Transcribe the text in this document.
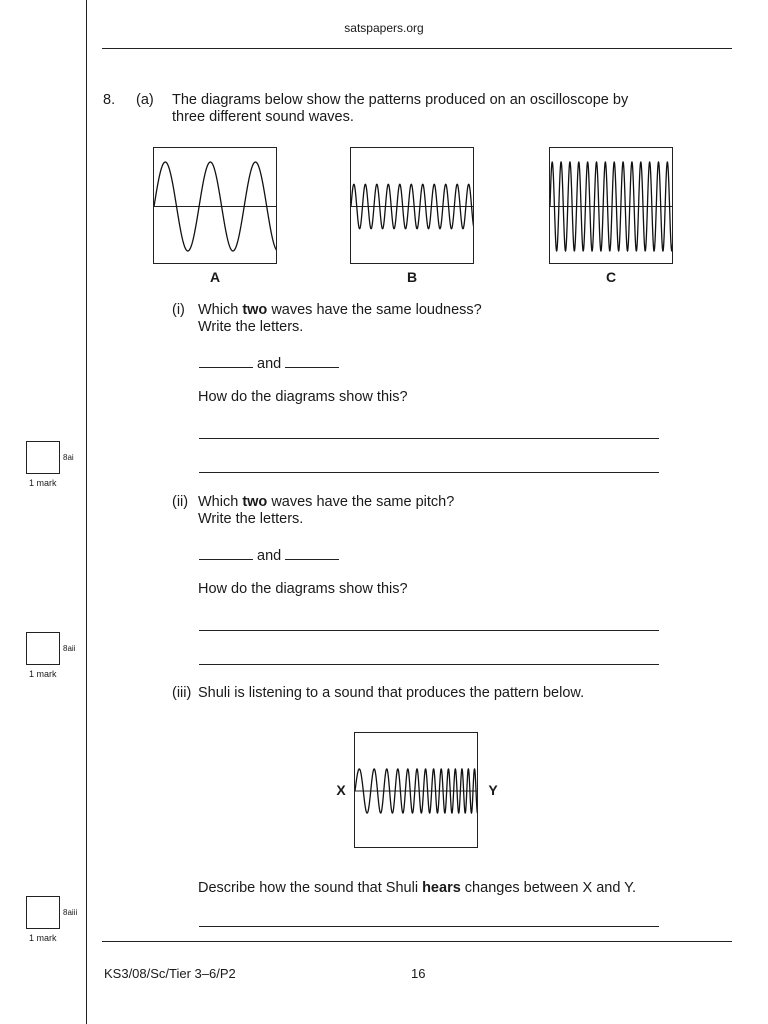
satspapers.org
8. (a) The diagrams below show the patterns produced on an oscilloscope by
three different sound waves.
A	B	C
(i) Which two waves have the same loudness?
Write the letters.
and
How do the diagrams show this?
8ai
1 mark
(ii) Which two waves have the same pitch?
Write the letters.
and
How do the diagrams show this?
8aii
1 mark
(iii) Shuli is listening to a sound that produces the pattern below.
X	Y
Describe how the sound that Shuli hears changes between X and Y.
8aiii
1 mark
KS3/08/Sc/Tier 3–6/P2	16
